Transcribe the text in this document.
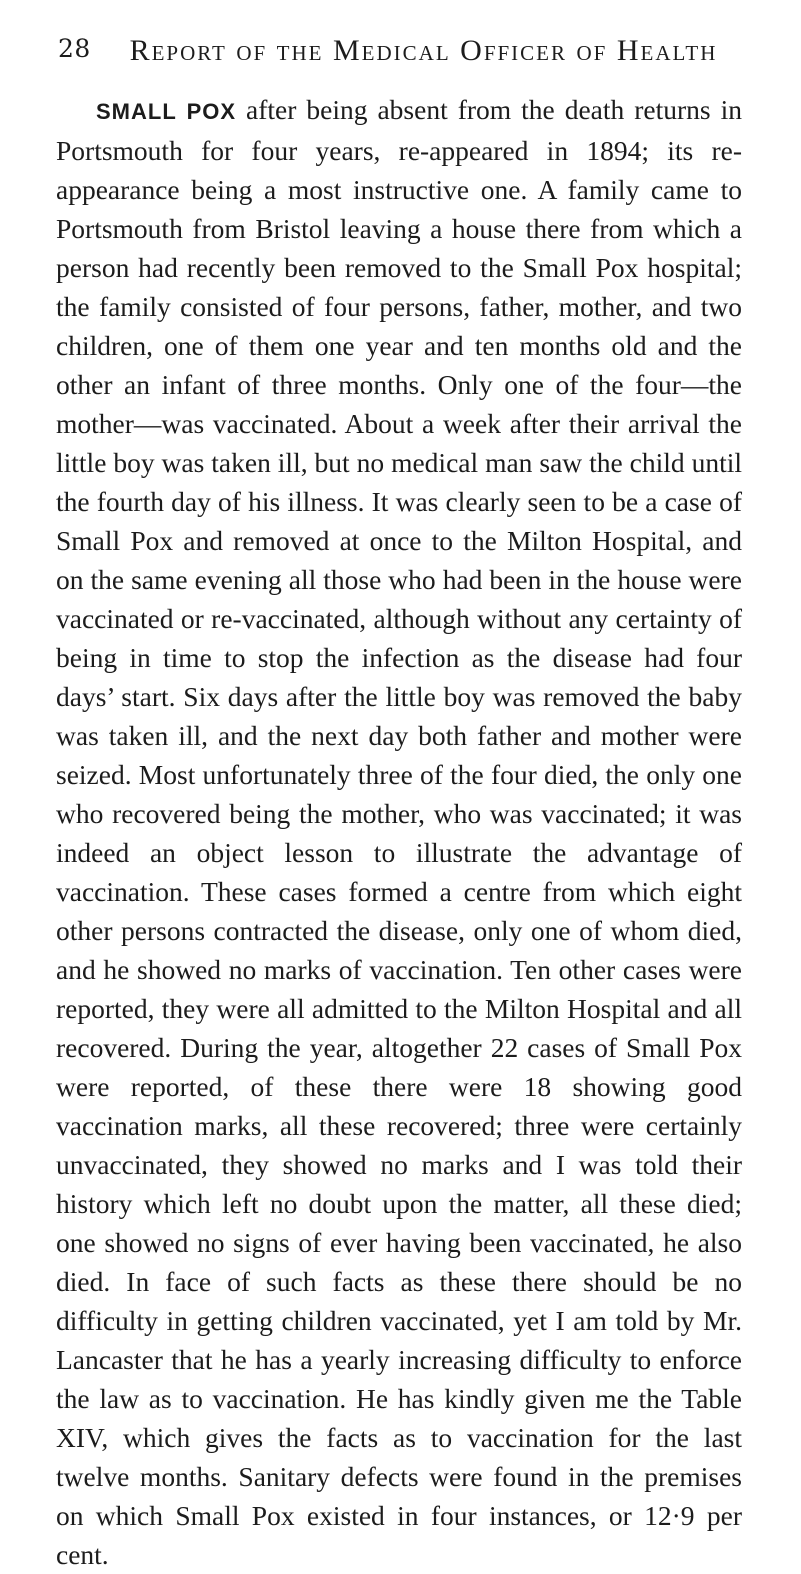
28	Report of the Medical Officer of Health

SMALL POX after being absent from the death returns in Portsmouth for four years, re-appeared in 1894; its re-appearance being a most instructive one. A family came to Portsmouth from Bristol leaving a house there from which a person had recently been removed to the Small Pox hospital; the family consisted of four persons, father, mother, and two children, one of them one year and ten months old and the other an infant of three months. Only one of the four—the mother—was vaccinated. About a week after their arrival the little boy was taken ill, but no medical man saw the child until the fourth day of his illness. It was clearly seen to be a case of Small Pox and removed at once to the Milton Hospital, and on the same evening all those who had been in the house were vaccinated or re-vaccinated, although without any certainty of being in time to stop the infection as the disease had four days’ start. Six days after the little boy was removed the baby was taken ill, and the next day both father and mother were seized. Most unfortunately three of the four died, the only one who recovered being the mother, who was vaccinated; it was indeed an object lesson to illustrate the advantage of vaccination. These cases formed a centre from which eight other persons contracted the disease, only one of whom died, and he showed no marks of vaccination. Ten other cases were reported, they were all admitted to the Milton Hospital and all recovered. During the year, altogether 22 cases of Small Pox were reported, of these there were 18 showing good vaccination marks, all these recovered; three were certainly unvaccinated, they showed no marks and I was told their history which left no doubt upon the matter, all these died; one showed no signs of ever having been vaccinated, he also died. In face of such facts as these there should be no difficulty in getting children vaccinated, yet I am told by Mr. Lancaster that he has a yearly increasing difficulty to enforce the law as to vaccination. He has kindly given me the Table XIV, which gives the facts as to vaccination for the last twelve months. Sanitary defects were found in the premises on which Small Pox existed in four instances, or 12·9 per cent.
